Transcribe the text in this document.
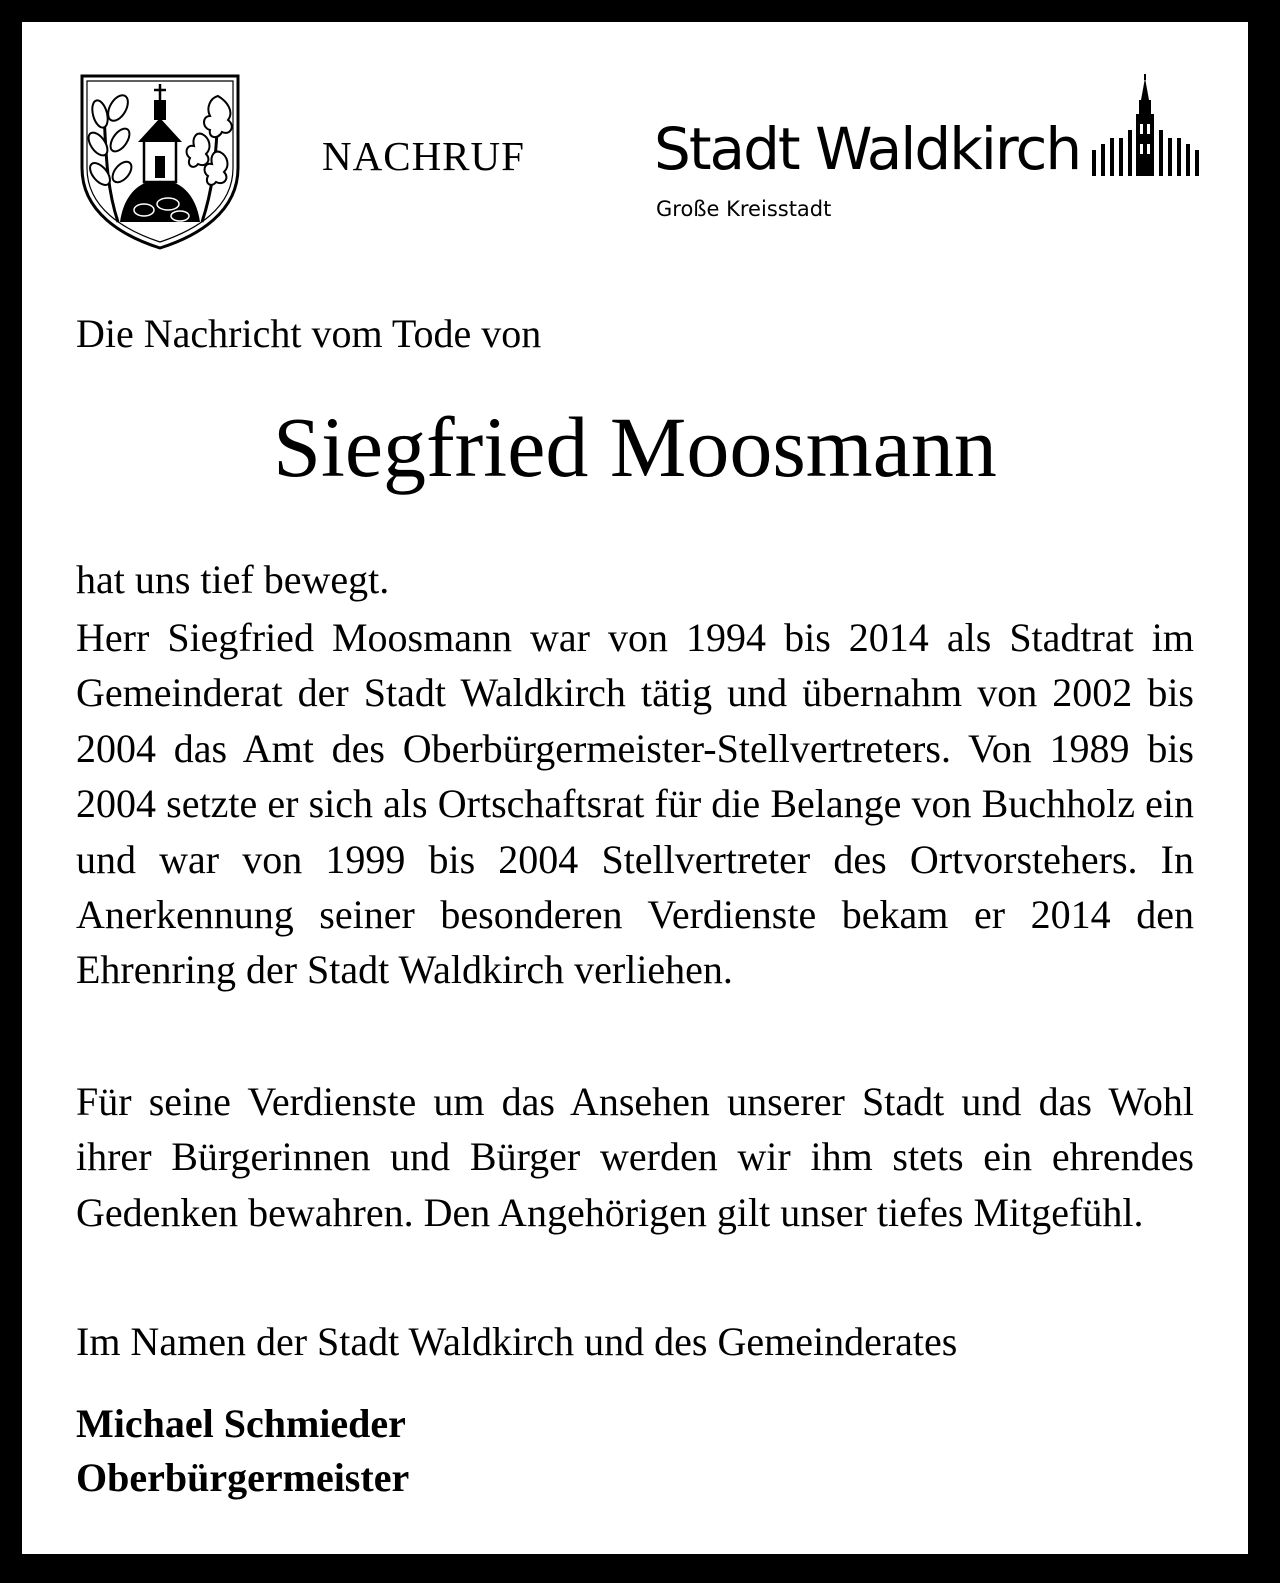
NACHRUF Stadt Waldkirch
Große Kreisstadt
Die Nachricht vom Tode von
Siegfried Moosmann
hat uns tief bewegt.
Herr Siegfried Moosmann war von 1994 bis 2014 als Stadtrat im Gemeinderat der Stadt Waldkirch tätig und übernahm von 2002 bis 2004 das Amt des Oberbürgermeister-Stellvertreters. Von 1989 bis 2004 setzte er sich als Ortschaftsrat für die Belange von Buchholz ein und war von 1999 bis 2004 Stellvertreter des Ortvorstehers. In Anerkennung seiner besonderen Verdienste bekam er 2014 den Ehrenring der Stadt Waldkirch verliehen.
Für seine Verdienste um das Ansehen unserer Stadt und das Wohl ihrer Bürgerinnen und Bürger werden wir ihm stets ein ehrendes Gedenken bewahren. Den Angehörigen gilt unser tiefes Mitgefühl.
Im Namen der Stadt Waldkirch und des Gemeinderates
Michael Schmieder
Oberbürgermeister
